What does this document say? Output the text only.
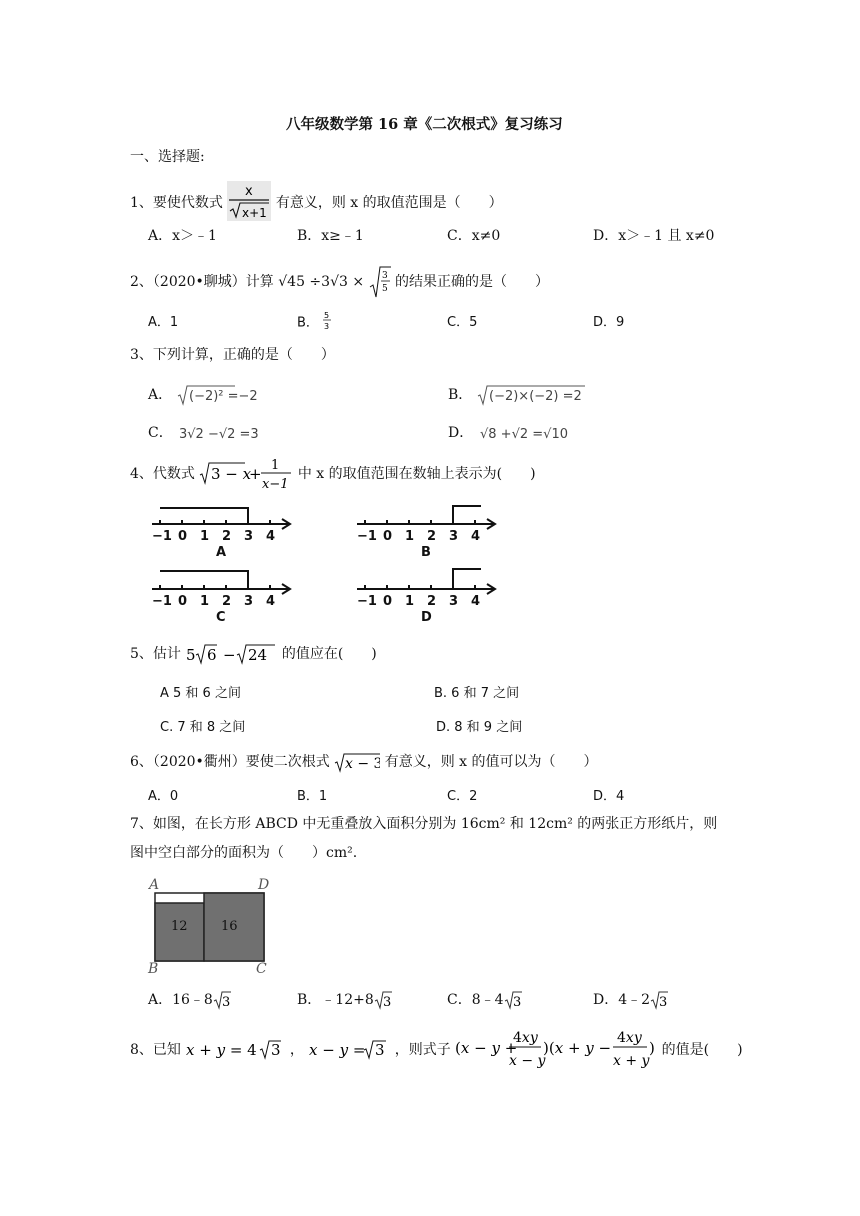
八年级数学第 16 章《二次根式》复习练习
一、选择题:
1、要使代数式
x
x+1
有意义，则 x 的取值范围是（　　）
A．x＞﹣1	B．x≥﹣1	C．x≠0	D．x＞﹣1 且 x≠0
2、（2020•聊城）计算 √45 ÷3√3 × 3
5 的结果正确的是（　　）
A．1	B． 5
3	C．5	D．9
3、下列计算，正确的是（　　）
A． (−2)² =−2	B． (−2)×(−2) =2
C． 3√2 −√2 =3	D． √8 +√2 =√10
4、代数式 3 − x
+ 1
x−1
中 x 的取值范围在数轴上表示为(　　)
−1 0 1 2 3 4
A
−1 0 1 2 3 4
B
−1 0 1 2 3 4
C
−1 0 1 2 3 4
D
5、估计 5 6 − 24 的值应在(　　)
A 5 和 6 之间	B. 6 和 7 之间
C. 7 和 8 之间	D. 8 和 9 之间
6、（2020•衢州）要使二次根式 x − 3 有意义，则 x 的值可以为（　　）
A．0	B．1	C．2	D．4
7、如图，在长方形 ABCD 中无重叠放入面积分别为 16cm² 和 12cm² 的两张正方形纸片，则
图中空白部分的面积为（　　）cm².
12	16
A	D
B	C
A．16﹣8 3	B．﹣12+8 3	C．8﹣4 3	D．4﹣2 3
8、已知 x + y = 4 3 ， x − y = 3 ，则式子 (x − y +
4xy
x − y
)(x + y −
4xy
x + y
) 的值是(　　)
